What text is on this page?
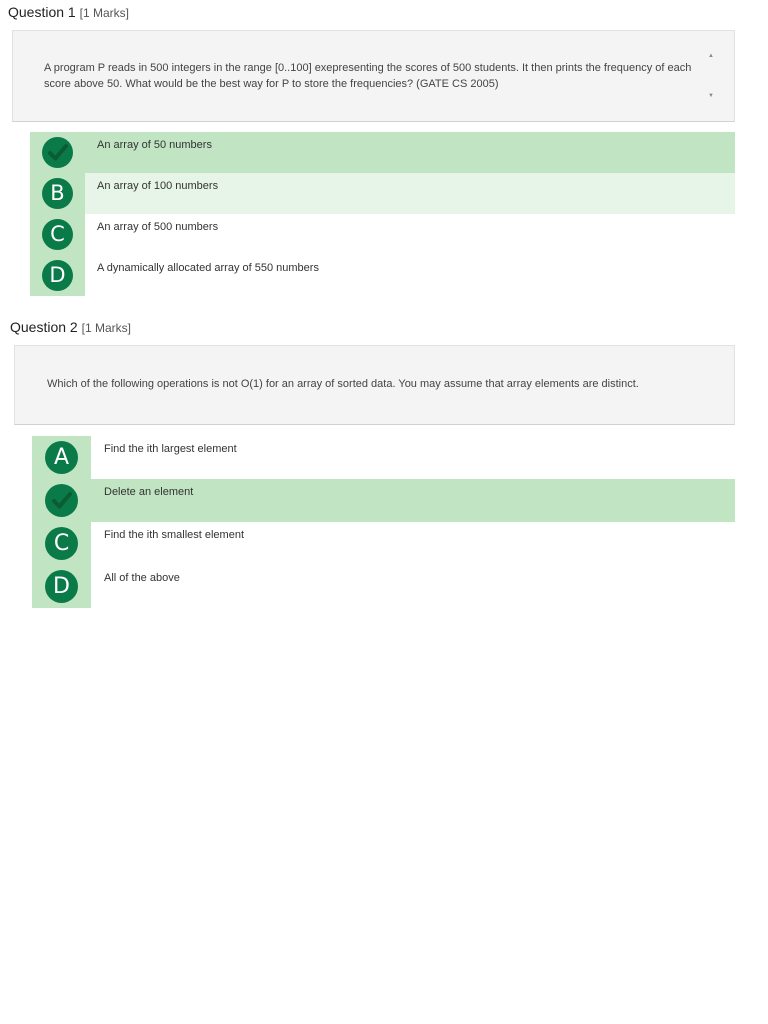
Question 1 [1 Marks]
A program P reads in 500 integers in the range [0..100] exepresenting the scores of 500 students. It then prints the frequency of each score above 50. What would be the best way for P to store the frequencies? (GATE CS 2005)
▲
▼
An array of 50 numbers
B	An array of 100 numbers
C	An array of 500 numbers
D	A dynamically allocated array of 550 numbers
Question 2 [1 Marks]
Which of the following operations is not O(1) for an array of sorted data. You may assume that array elements are distinct.
A	Find the ith largest element
Delete an element
C	Find the ith smallest element
D	All of the above
